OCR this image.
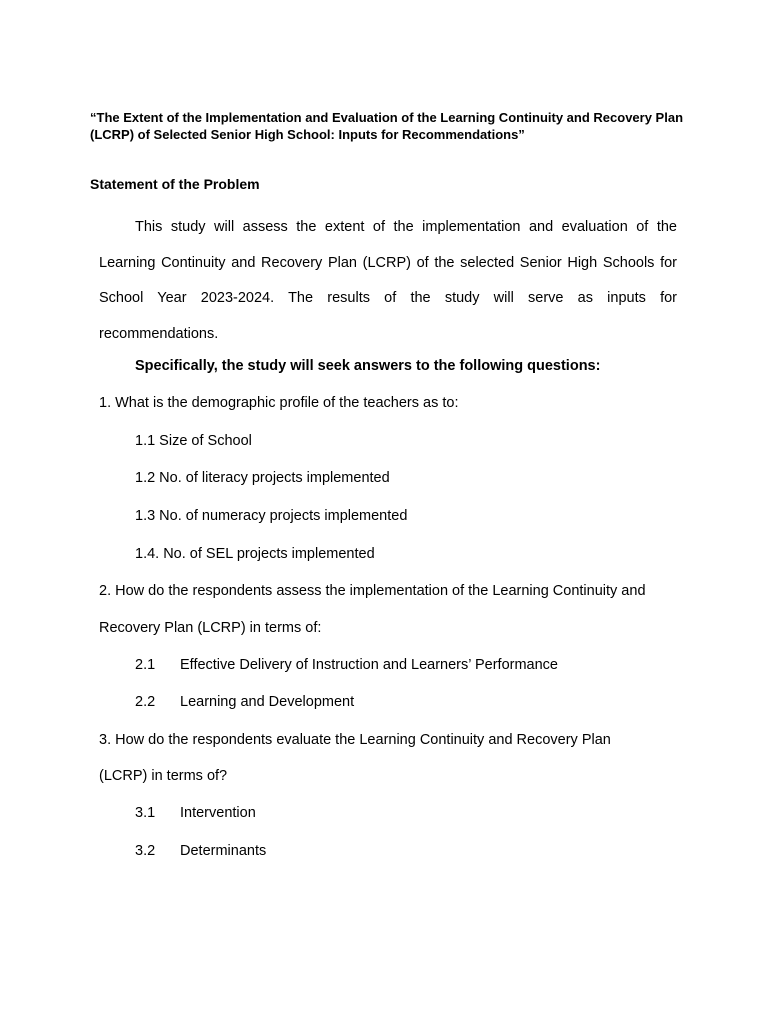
“The Extent of the Implementation and Evaluation of the Learning Continuity and Recovery Plan (LCRP) of Selected Senior High School: Inputs for Recommendations”

Statement of the Problem

This study will assess the extent of the implementation and evaluation of the Learning Continuity and Recovery Plan (LCRP) of the selected Senior High Schools for School Year 2023-2024. The results of the study will serve as inputs for recommendations.

Specifically, the study will seek answers to the following questions:

1. What is the demographic profile of the teachers as to:

1.1 Size of School

1.2 No. of literacy projects implemented

1.3 No. of numeracy projects implemented

1.4. No. of SEL projects implemented

2. How do the respondents assess the implementation of the Learning Continuity and

Recovery Plan (LCRP) in terms of:

2.1 Effective Delivery of Instruction and Learners’ Performance

2.2 Learning and Development

3. How do the respondents evaluate the Learning Continuity and Recovery Plan

(LCRP) in terms of?

3.1 Intervention

3.2 Determinants
